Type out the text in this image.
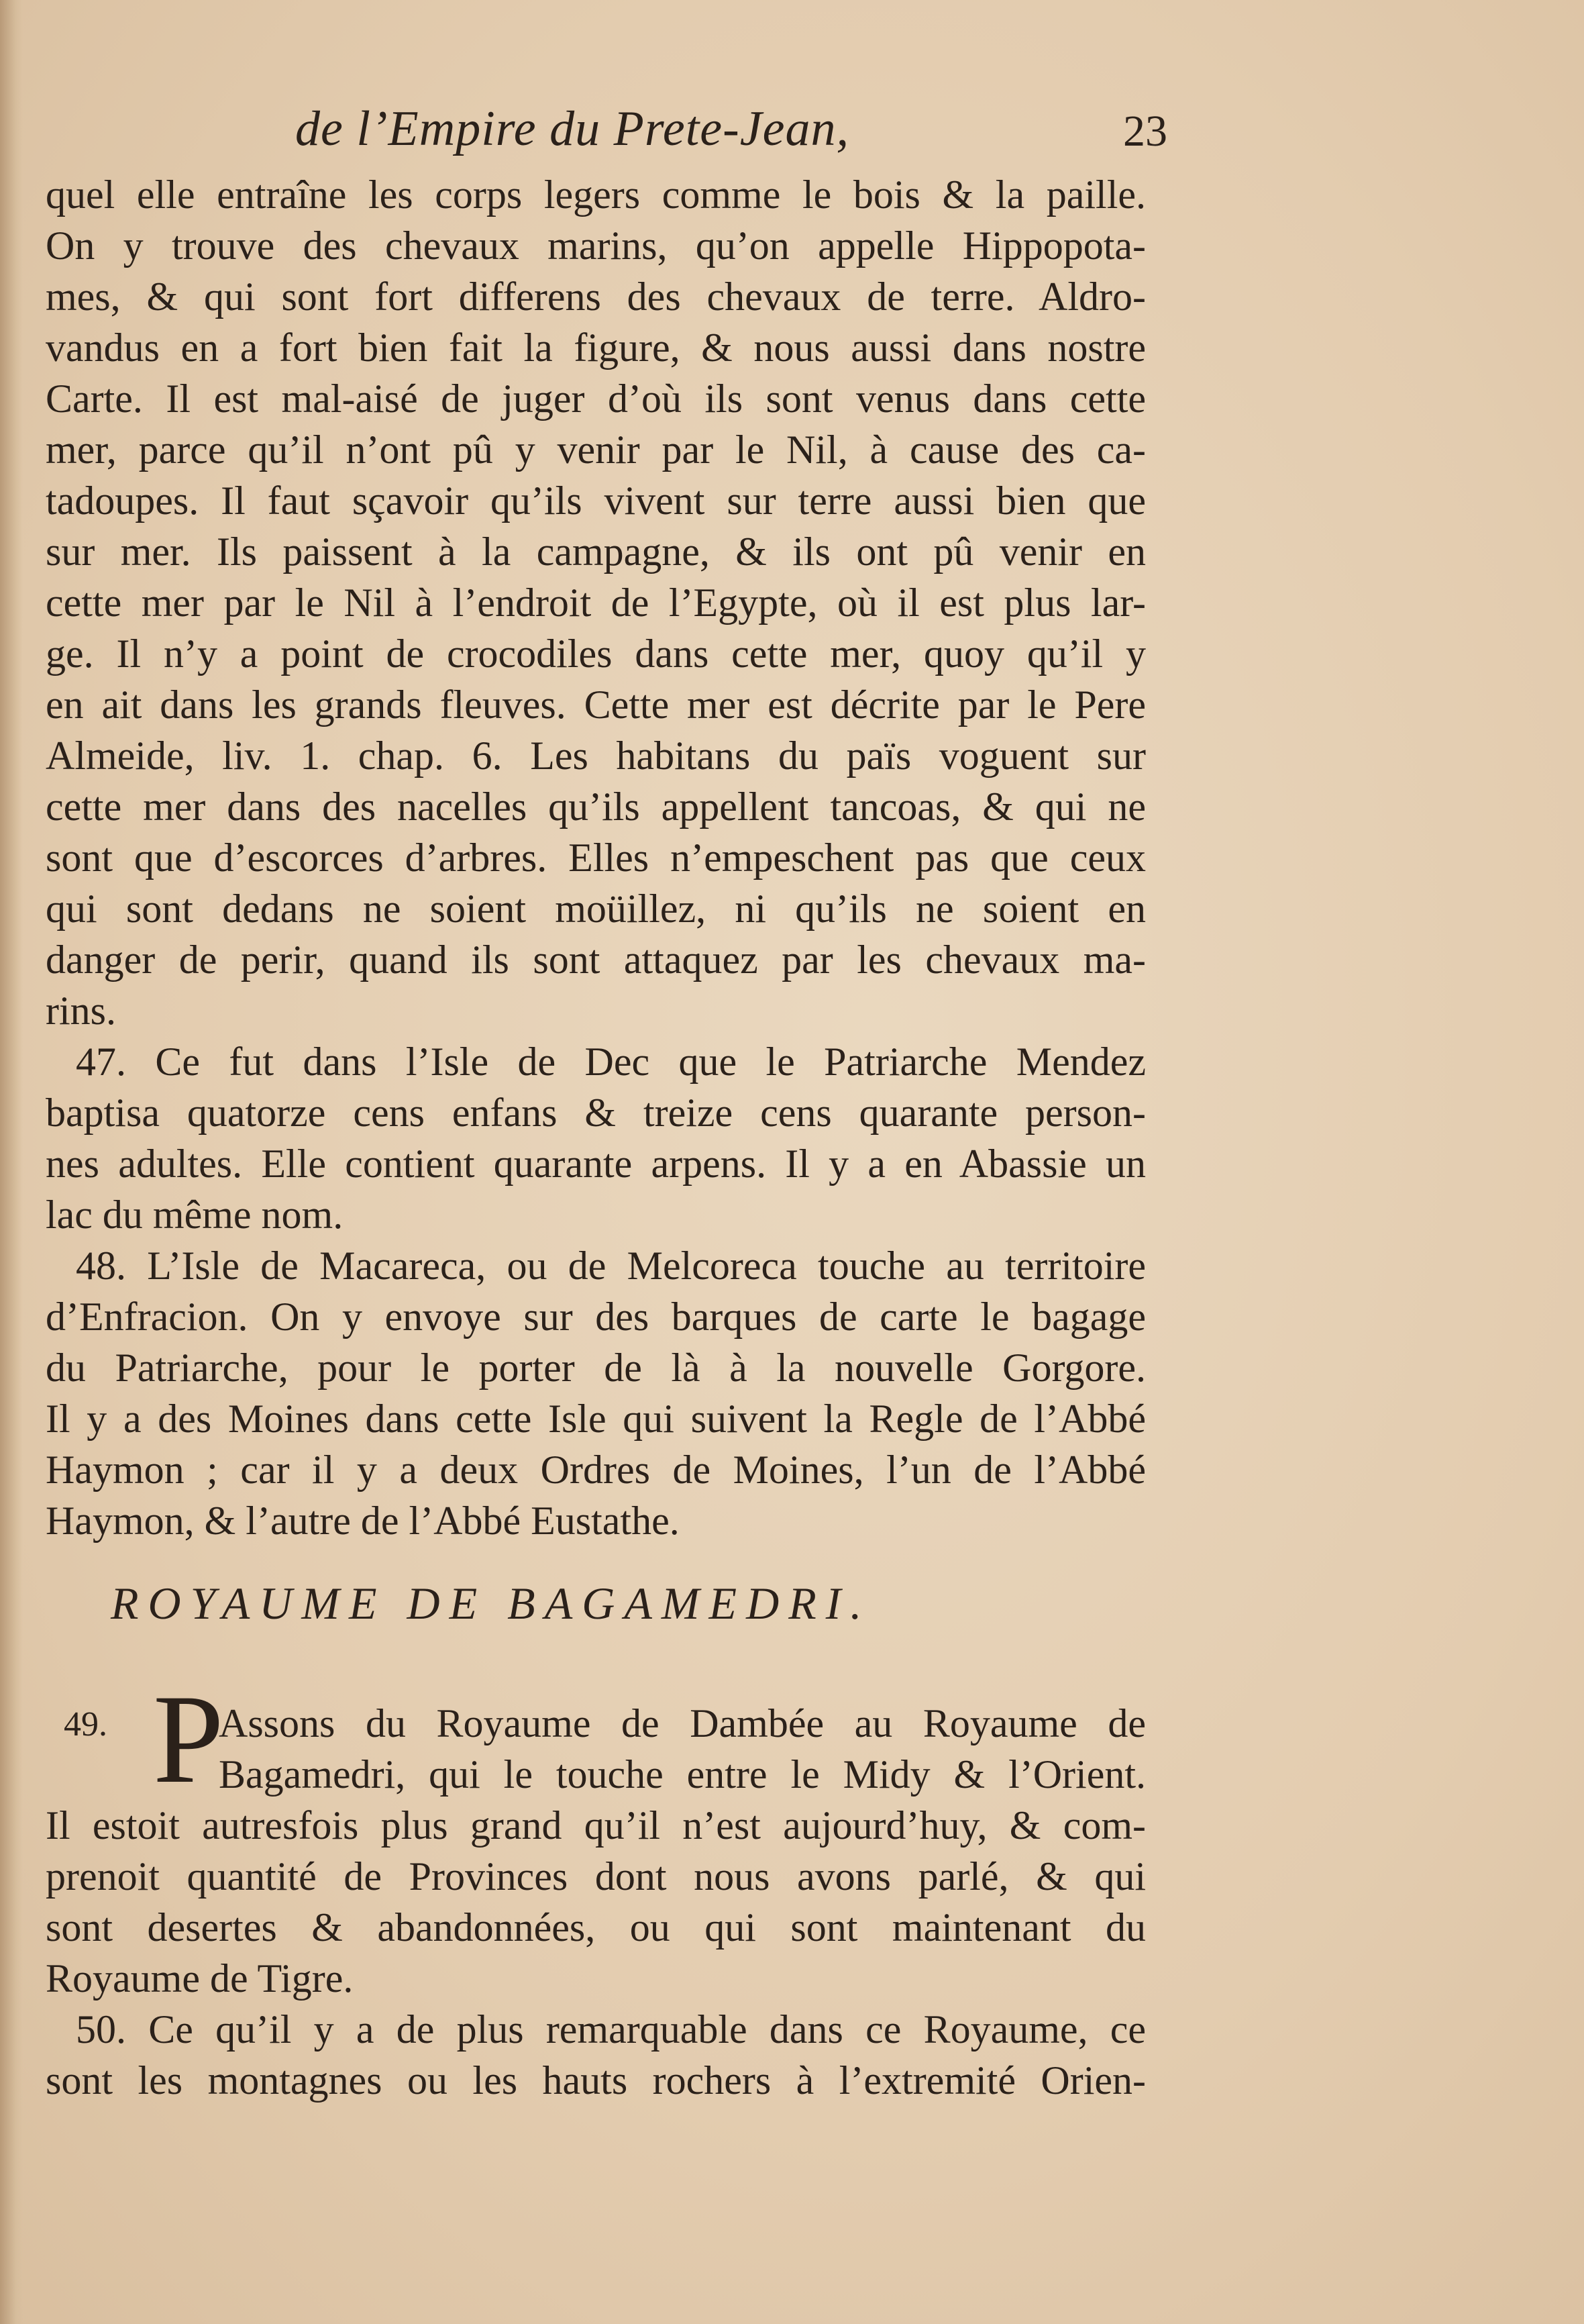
de l’Empire du Prete-Jean,	23
quel elle entraîne les corps legers comme le bois & la paille.
On y trouve des chevaux marins, qu’on appelle Hippopota-
mes, & qui sont fort differens des chevaux de terre. Aldro-
vandus en a fort bien fait la figure, & nous aussi dans nostre
Carte. Il est mal-aisé de juger d’où ils sont venus dans cette
mer, parce qu’il n’ont pû y venir par le Nil, à cause des ca-
tadoupes. Il faut sçavoir qu’ils vivent sur terre aussi bien que
sur mer. Ils paissent à la campagne, & ils ont pû venir en
cette mer par le Nil à l’endroit de l’Egypte, où il est plus lar-
ge. Il n’y a point de crocodiles dans cette mer, quoy qu’il y
en ait dans les grands fleuves. Cette mer est décrite par le Pere
Almeide, liv. 1. chap. 6. Les habitans du païs voguent sur
cette mer dans des nacelles qu’ils appellent tancoas, & qui ne
sont que d’escorces d’arbres. Elles n’empeschent pas que ceux
qui sont dedans ne soient moüillez, ni qu’ils ne soient en
danger de perir, quand ils sont attaquez par les chevaux ma-
rins.
47. Ce fut dans l’Isle de Dec que le Patriarche Mendez
baptisa quatorze cens enfans & treize cens quarante person-
nes adultes. Elle contient quarante arpens. Il y a en Abassie un
lac du même nom.
48. L’Isle de Macareca, ou de Melcoreca touche au territoire
d’Enfracion. On y envoye sur des barques de carte le bagage
du Patriarche, pour le porter de là à la nouvelle Gorgore.
Il y a des Moines dans cette Isle qui suivent la Regle de l’Abbé
Haymon ; car il y a deux Ordres de Moines, l’un de l’Abbé
Haymon, & l’autre de l’Abbé Eustathe.
ROYAUME DE BAGAMEDRI.
49. P
Assons du Royaume de Dambée au Royaume de
Bagamedri, qui le touche entre le Midy & l’Orient.
Il estoit autresfois plus grand qu’il n’est aujourd’huy, & com-
prenoit quantité de Provinces dont nous avons parlé, & qui
sont desertes & abandonnées, ou qui sont maintenant du
Royaume de Tigre.
50. Ce qu’il y a de plus remarquable dans ce Royaume, ce
sont les montagnes ou les hauts rochers à l’extremité Orien-
